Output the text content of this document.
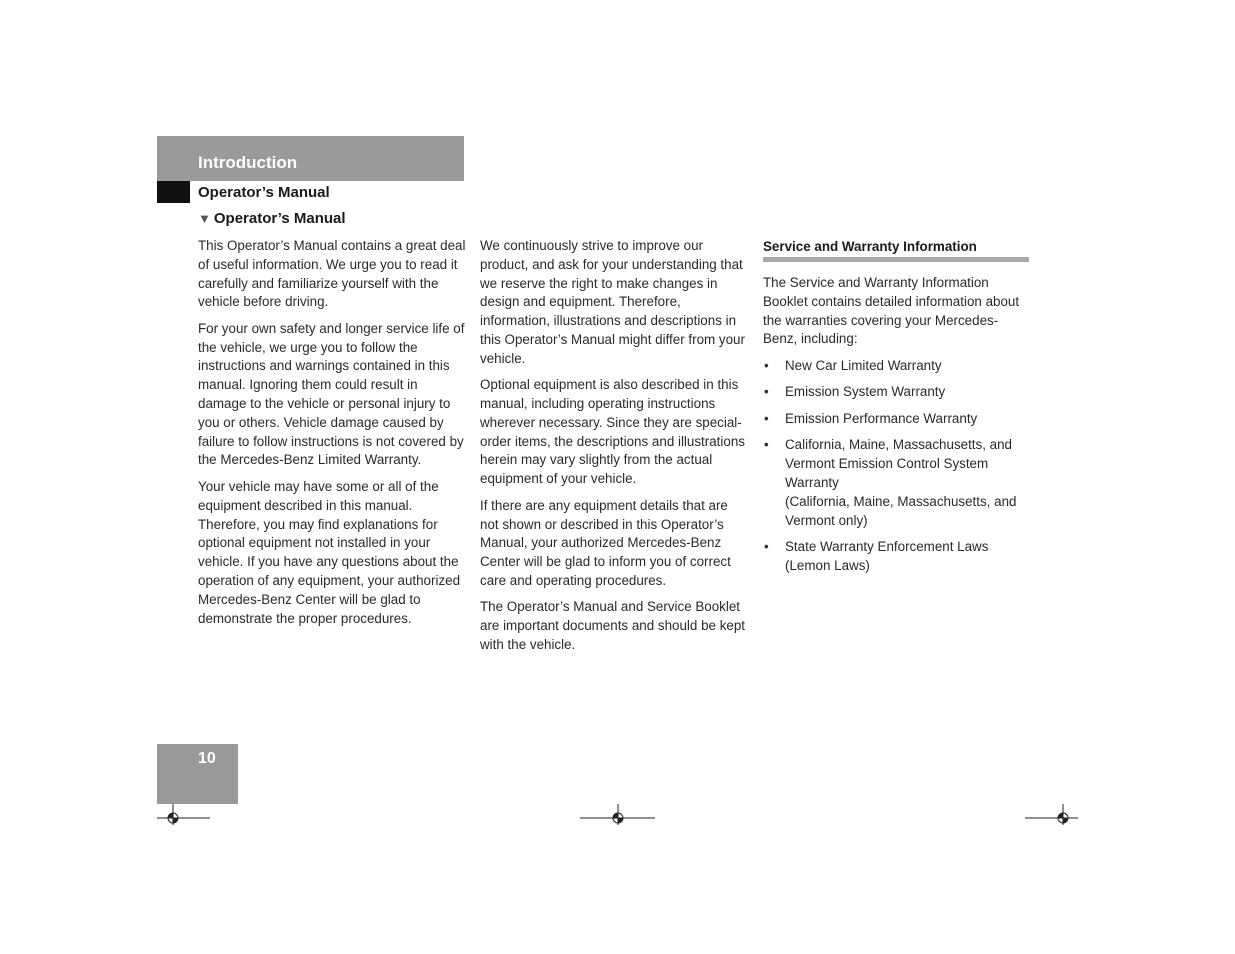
Introduction
Operator’s Manual
▼ Operator’s Manual

This Operator’s Manual contains a great deal of useful information. We urge you to read it carefully and familiarize yourself with the vehicle before driving.

For your own safety and longer service life of the vehicle, we urge you to follow the instructions and warnings contained in this manual. Ignoring them could result in damage to the vehicle or personal injury to you or others. Vehicle damage caused by failure to follow instructions is not covered by the Mercedes-Benz Limited Warranty.

Your vehicle may have some or all of the equipment described in this manual. Therefore, you may find explanations for optional equipment not installed in your vehicle. If you have any questions about the operation of any equipment, your authorized Mercedes-Benz Center will be glad to demonstrate the proper procedures.

We continuously strive to improve our product, and ask for your understanding that we reserve the right to make changes in design and equipment. Therefore, information, illustrations and descriptions in this Operator’s Manual might differ from your vehicle.

Optional equipment is also described in this manual, including operating instructions wherever necessary. Since they are special-order items, the descriptions and illustrations herein may vary slightly from the actual equipment of your vehicle.

If there are any equipment details that are not shown or described in this Operator’s Manual, your authorized Mercedes-Benz Center will be glad to inform you of correct care and operating procedures.

The Operator’s Manual and Service Booklet are important documents and should be kept with the vehicle.

Service and Warranty Information

The Service and Warranty Information Booklet contains detailed information about the warranties covering your Mercedes-Benz, including:

• New Car Limited Warranty
• Emission System Warranty
• Emission Performance Warranty
• California, Maine, Massachusetts, and Vermont Emission Control System Warranty
(California, Maine, Massachusetts, and Vermont only)
• State Warranty Enforcement Laws (Lemon Laws)
10
